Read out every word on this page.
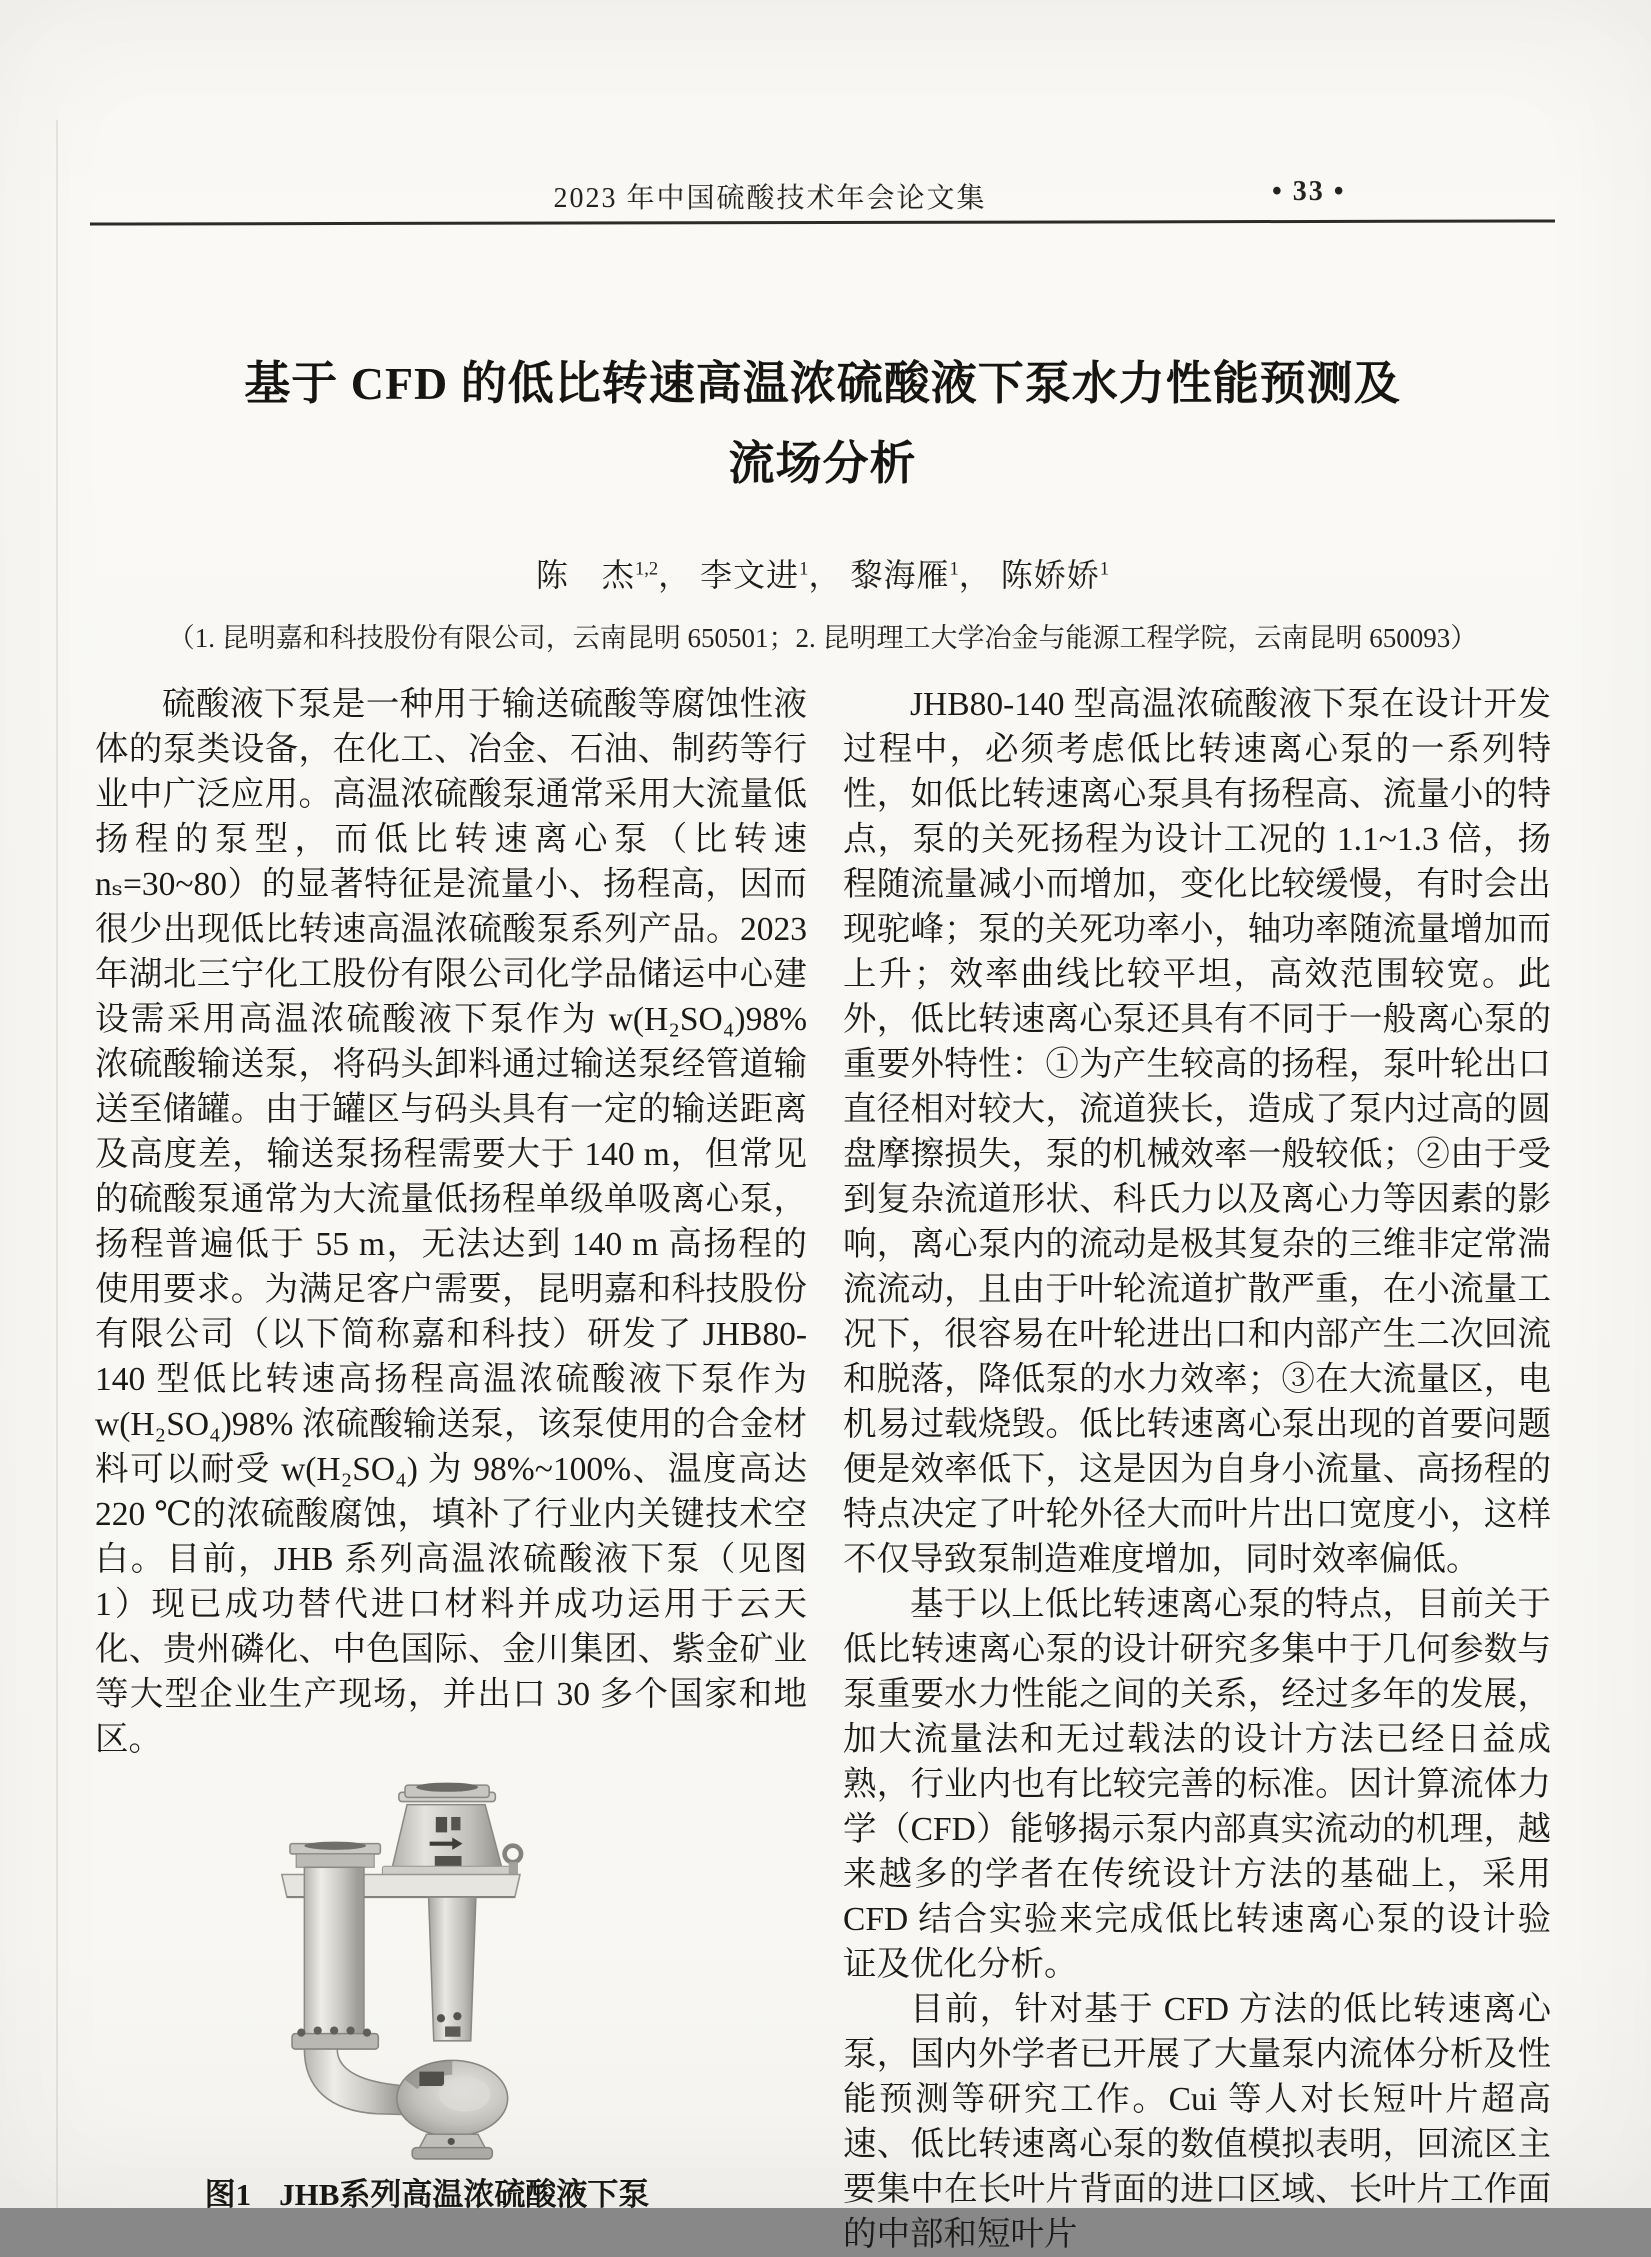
2023 年中国硫酸技术年会论文集	• 33 •
基于 CFD 的低比转速高温浓硫酸液下泵水力性能预测及
流场分析
陈　杰$^{1,2}$， 李文进$^1$， 黎海雁$^1$， 陈娇娇$^1$
（1. 昆明嘉和科技股份有限公司，云南昆明 650501；2. 昆明理工大学冶金与能源工程学院，云南昆明 650093）

硫酸液下泵是一种用于输送硫酸等腐蚀性液体的泵类设备，在化工、冶金、石油、制药等行业中广泛应用。高温浓硫酸泵通常采用大流量低扬程的泵型，而低比转速离心泵（比转速 nₛ=30~80）的显著特征是流量小、扬程高，因而很少出现低比转速高温浓硫酸泵系列产品。2023 年湖北三宁化工股份有限公司化学品储运中心建设需采用高温浓硫酸液下泵作为 w(H₂SO₄)98% 浓硫酸输送泵，将码头卸料通过输送泵经管道输送至储罐。由于罐区与码头具有一定的输送距离及高度差，输送泵扬程需要大于 140 m，但常见的硫酸泵通常为大流量低扬程单级单吸离心泵，扬程普遍低于 55 m，无法达到 140 m 高扬程的使用要求。为满足客户需要，昆明嘉和科技股份有限公司（以下简称嘉和科技）研发了 JHB80-140 型低比转速高扬程高温浓硫酸液下泵作为 w(H₂SO₄)98% 浓硫酸输送泵，该泵使用的合金材料可以耐受 w(H₂SO₄) 为 98%~100%、温度高达 220 ℃的浓硫酸腐蚀，填补了行业内关键技术空白。目前，JHB 系列高温浓硫酸液下泵（见图 1）现已成功替代进口材料并成功运用于云天化、贵州磷化、中色国际、金川集团、紫金矿业等大型企业生产现场，并出口 30 多个国家和地区。

图1 JHB系列高温浓硫酸液下泵

JHB80-140 型高温浓硫酸液下泵在设计开发过程中，必须考虑低比转速离心泵的一系列特性，如低比转速离心泵具有扬程高、流量小的特点，泵的关死扬程为设计工况的 1.1~1.3 倍，扬程随流量减小而增加，变化比较缓慢，有时会出现驼峰；泵的关死功率小，轴功率随流量增加而上升；效率曲线比较平坦，高效范围较宽。此外，低比转速离心泵还具有不同于一般离心泵的重要外特性：①为产生较高的扬程，泵叶轮出口直径相对较大，流道狭长，造成了泵内过高的圆盘摩擦损失，泵的机械效率一般较低；②由于受到复杂流道形状、科氏力以及离心力等因素的影响，离心泵内的流动是极其复杂的三维非定常湍流流动，且由于叶轮流道扩散严重，在小流量工况下，很容易在叶轮进出口和内部产生二次回流和脱落，降低泵的水力效率；③在大流量区，电机易过载烧毁。低比转速离心泵出现的首要问题便是效率低下，这是因为自身小流量、高扬程的特点决定了叶轮外径大而叶片出口宽度小，这样不仅导致泵制造难度增加，同时效率偏低。

基于以上低比转速离心泵的特点，目前关于低比转速离心泵的设计研究多集中于几何参数与泵重要水力性能之间的关系，经过多年的发展，加大流量法和无过载法的设计方法已经日益成熟，行业内也有比较完善的标准。因计算流体力学（CFD）能够揭示泵内部真实流动的机理，越来越多的学者在传统设计方法的基础上，采用 CFD 结合实验来完成低比转速离心泵的设计验证及优化分析。

目前，针对基于 CFD 方法的低比转速离心泵，国内外学者已开展了大量泵内流体分析及性能预测等研究工作。Cui 等人对长短叶片超高速、低比转速离心泵的数值模拟表明，回流区主要集中在长叶片背面的进口区域、长叶片工作面的中部和短叶片
